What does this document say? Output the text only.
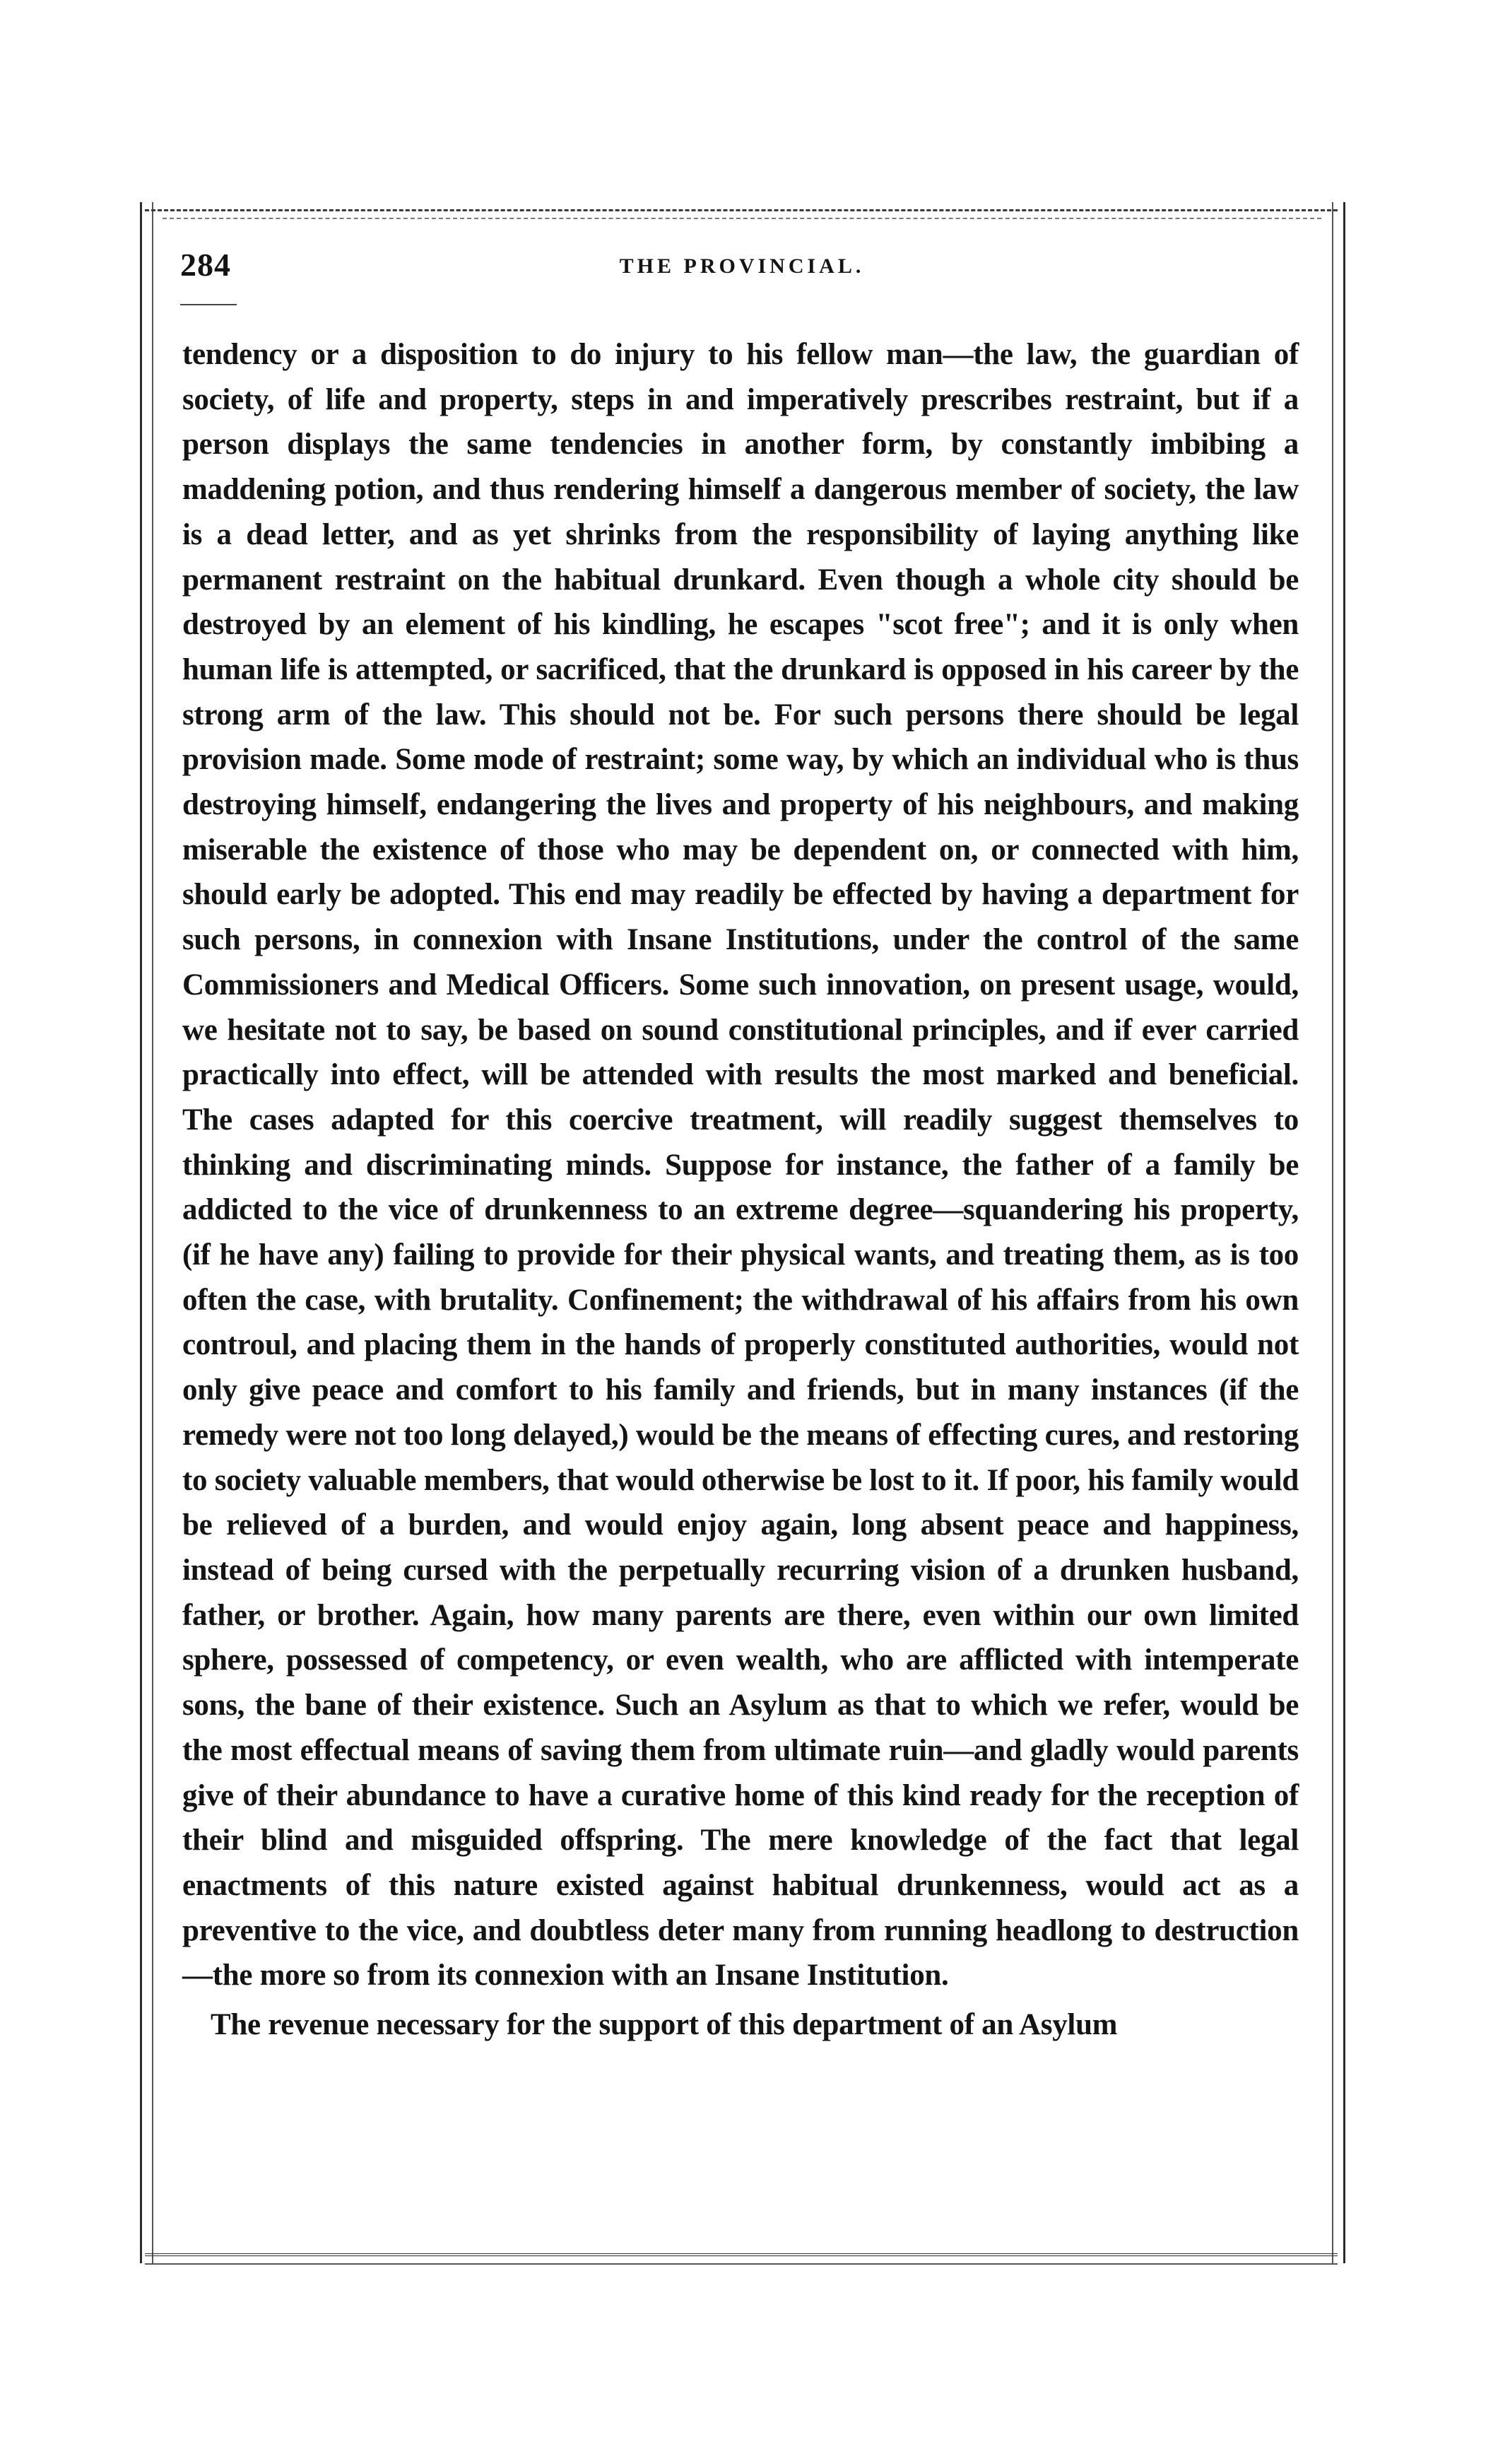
284	THE PROVINCIAL.

tendency or a disposition to do injury to his fellow man—the law, the guardian of society, of life and property, steps in and imperatively prescribes restraint, but if a person displays the same tendencies in another form, by constantly imbibing a maddening potion, and thus rendering himself a dangerous member of society, the law is a dead letter, and as yet shrinks from the responsibility of laying anything like permanent restraint on the habitual drunkard. Even though a whole city should be destroyed by an element of his kindling, he escapes "scot free"; and it is only when human life is attempted, or sacrificed, that the drunkard is opposed in his career by the strong arm of the law. This should not be. For such persons there should be legal provision made. Some mode of restraint; some way, by which an individual who is thus destroying himself, endangering the lives and property of his neighbours, and making miserable the existence of those who may be dependent on, or connected with him, should early be adopted. This end may readily be effected by having a department for such persons, in connexion with Insane Institutions, under the control of the same Commissioners and Medical Officers. Some such innovation, on present usage, would, we hesitate not to say, be based on sound constitutional principles, and if ever carried practically into effect, will be attended with results the most marked and beneficial. The cases adapted for this coercive treatment, will readily suggest themselves to thinking and discriminating minds. Suppose for instance, the father of a family be addicted to the vice of drunkenness to an extreme degree—squandering his property, (if he have any) failing to provide for their physical wants, and treating them, as is too often the case, with brutality. Confinement; the withdrawal of his affairs from his own controul, and placing them in the hands of properly constituted authorities, would not only give peace and comfort to his family and friends, but in many instances (if the remedy were not too long delayed,) would be the means of effecting cures, and restoring to society valuable members, that would otherwise be lost to it. If poor, his family would be relieved of a burden, and would enjoy again, long absent peace and happiness, instead of being cursed with the perpetually recurring vision of a drunken husband, father, or brother. Again, how many parents are there, even within our own limited sphere, possessed of competency, or even wealth, who are afflicted with intemperate sons, the bane of their existence. Such an Asylum as that to which we refer, would be the most effectual means of saving them from ultimate ruin—and gladly would parents give of their abundance to have a curative home of this kind ready for the reception of their blind and misguided offspring. The mere knowledge of the fact that legal enactments of this nature existed against habitual drunkenness, would act as a preventive to the vice, and doubtless deter many from running headlong to destruction—the more so from its connexion with an Insane Institution.

The revenue necessary for the support of this department of an Asylum
